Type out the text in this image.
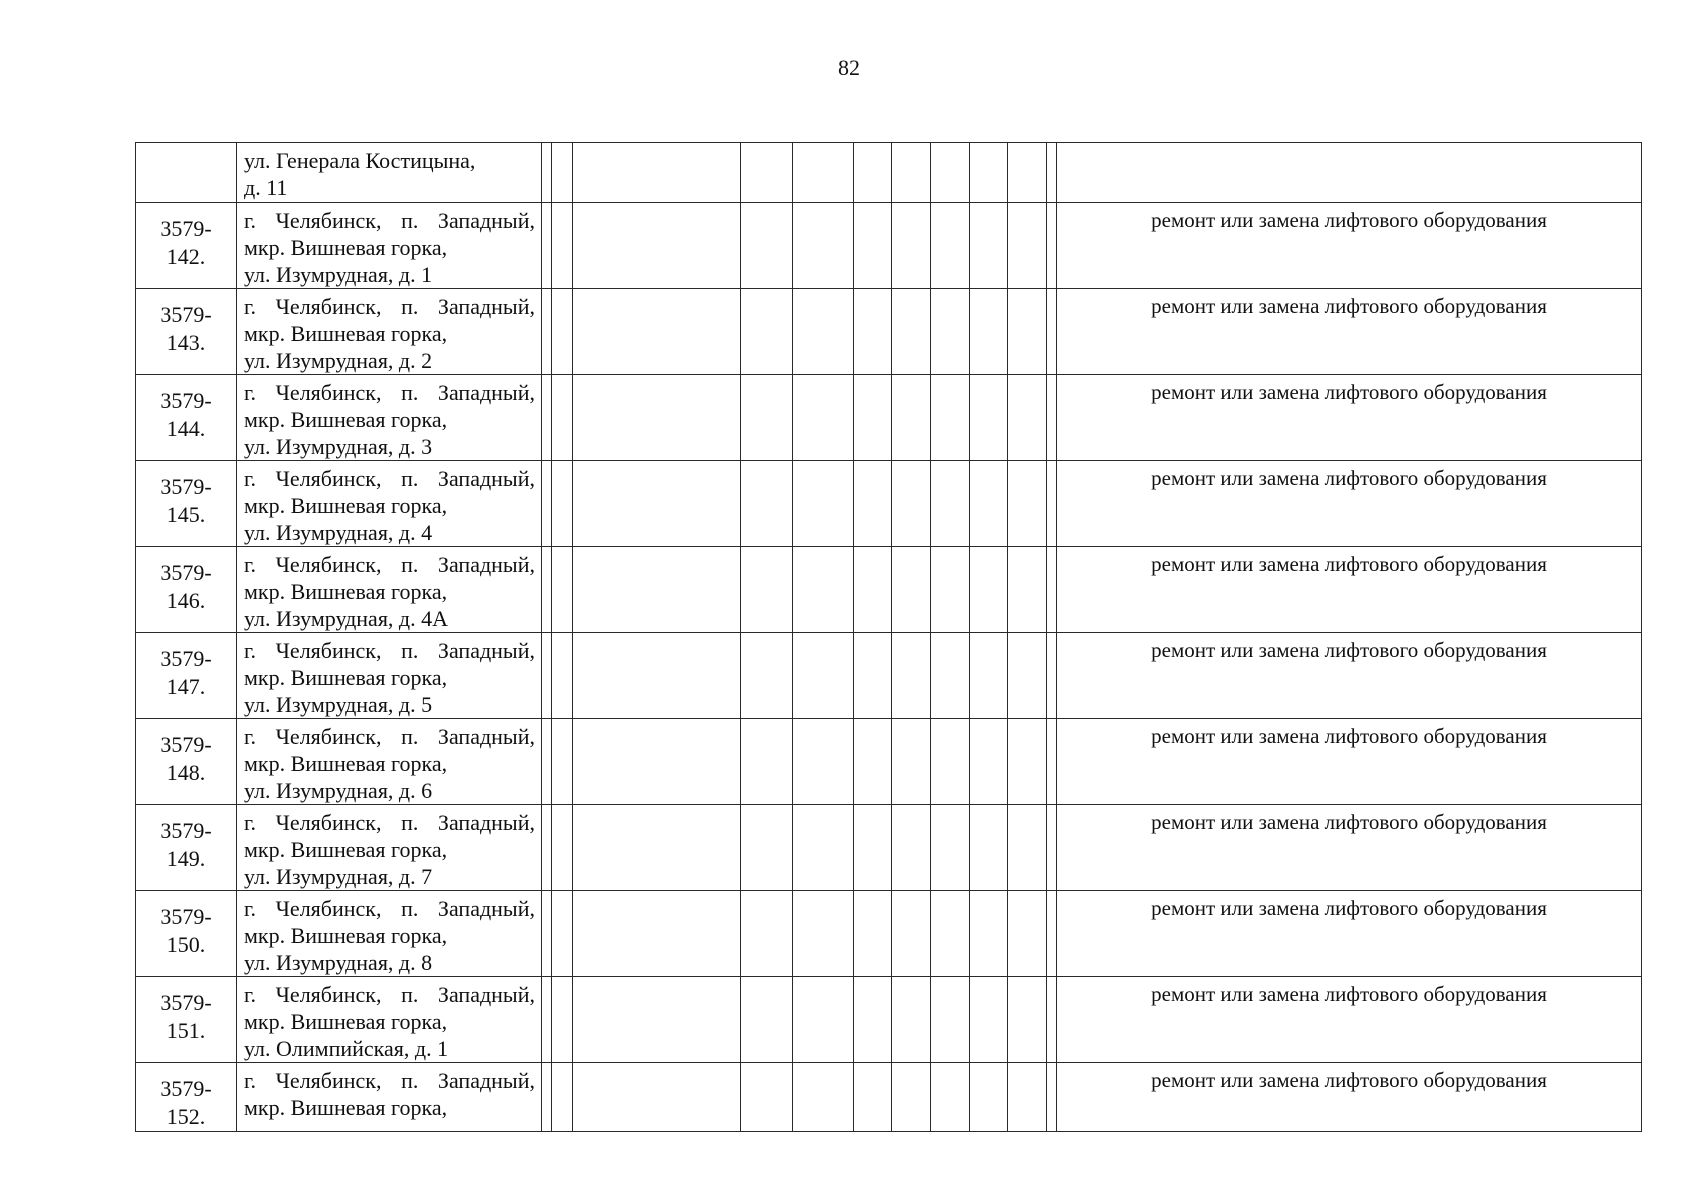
82

	ул. Генерала Костицына,
д. 11												

3579-
142.	г. Челябинск, п. Западный,
мкр. Вишневая горка,
ул. Изумрудная, д. 1												ремонт или замена лифтового оборудования

3579-
143.	г. Челябинск, п. Западный,
мкр. Вишневая горка,
ул. Изумрудная, д. 2												ремонт или замена лифтового оборудования

3579-
144.	г. Челябинск, п. Западный,
мкр. Вишневая горка,
ул. Изумрудная, д. 3												ремонт или замена лифтового оборудования

3579-
145.	г. Челябинск, п. Западный,
мкр. Вишневая горка,
ул. Изумрудная, д. 4												ремонт или замена лифтового оборудования

3579-
146.	г. Челябинск, п. Западный,
мкр. Вишневая горка,
ул. Изумрудная, д. 4А												ремонт или замена лифтового оборудования

3579-
147.	г. Челябинск, п. Западный,
мкр. Вишневая горка,
ул. Изумрудная, д. 5												ремонт или замена лифтового оборудования

3579-
148.	г. Челябинск, п. Западный,
мкр. Вишневая горка,
ул. Изумрудная, д. 6												ремонт или замена лифтового оборудования

3579-
149.	г. Челябинск, п. Западный,
мкр. Вишневая горка,
ул. Изумрудная, д. 7												ремонт или замена лифтового оборудования

3579-
150.	г. Челябинск, п. Западный,
мкр. Вишневая горка,
ул. Изумрудная, д. 8												ремонт или замена лифтового оборудования

3579-
151.	г. Челябинск, п. Западный,
мкр. Вишневая горка,
ул. Олимпийская, д. 1												ремонт или замена лифтового оборудования

3579-
152.	г. Челябинск, п. Западный,
мкр. Вишневая горка,												ремонт или замена лифтового оборудования
